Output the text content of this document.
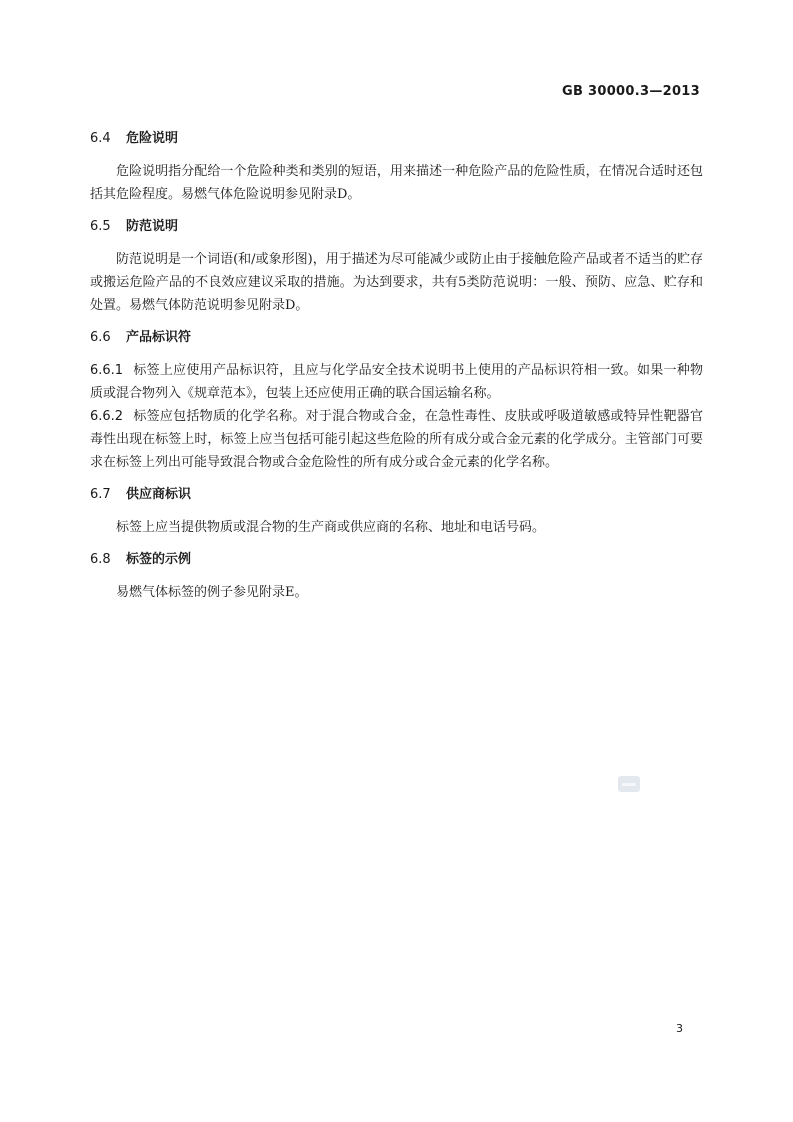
GB 30000.3—2013
6.4 危险说明

危险说明指分配给一个危险种类和类别的短语，用来描述一种危险产品的危险性质，在情况合适时还包括其危险程度。易燃气体危险说明参见附录D。

6.5 防范说明

防范说明是一个词语(和/或象形图)，用于描述为尽可能减少或防止由于接触危险产品或者不适当的贮存或搬运危险产品的不良效应建议采取的措施。为达到要求，共有5类防范说明：一般、预防、应急、贮存和处置。易燃气体防范说明参见附录D。

6.6 产品标识符

6.6.1 标签上应使用产品标识符，且应与化学品安全技术说明书上使用的产品标识符相一致。如果一种物质或混合物列入《规章范本》，包装上还应使用正确的联合国运输名称。

6.6.2 标签应包括物质的化学名称。对于混合物或合金，在急性毒性、皮肤或呼吸道敏感或特异性靶器官毒性出现在标签上时，标签上应当包括可能引起这些危险的所有成分或合金元素的化学成分。主管部门可要求在标签上列出可能导致混合物或合金危险性的所有成分或合金元素的化学名称。

6.7 供应商标识

标签上应当提供物质或混合物的生产商或供应商的名称、地址和电话号码。

6.8 标签的示例

易燃气体标签的例子参见附录E。

3
